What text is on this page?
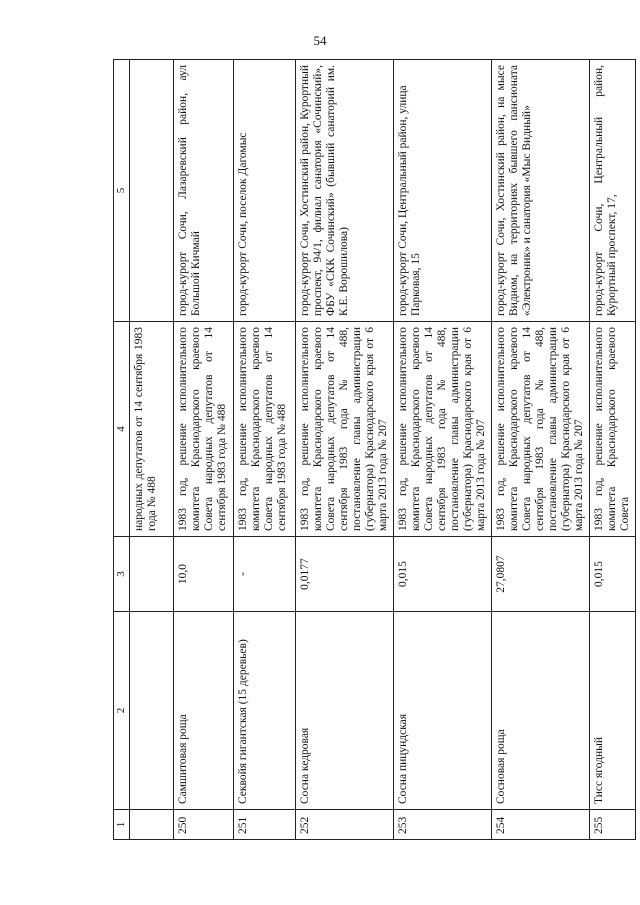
54
1	2	3	4	5
			народных депутатов от 14 сентября 1983 года № 488	
250	Самшитовая роща	10,0	1983 год, решение исполнительного комитета Краснодарского краевого Совета народных депутатов от 14 сентября 1983 года № 488	город-курорт Сочи, Лазаревский район, аул Большой Кичмай
251	Секвойя гигантская (15 деревьев)	-	1983 год, решение исполнительного комитета Краснодарского краевого Совета народных депутатов от 14 сентября 1983 года № 488	город-курорт Сочи, поселок Дагомыс
252	Сосна кедровая	0,0177	1983 год, решение исполнительного комитета Краснодарского краевого Совета народных депутатов от 14 сентября 1983 года № 488, постановление главы администрации (губернатора) Краснодарского края от 6 марта 2013 года № 207	город-курорт Сочи, Хостинский район, Курортный проспект, 94/1, филиал санатория «Сочинский», ФБУ «СКК Сочинский» (бывший санаторий им. К.Е. Ворошилова)
253	Сосна пицундская	0,015	1983 год, решение исполнительного комитета Краснодарского краевого Совета народных депутатов от 14 сентября 1983 года № 488, постановление главы администрации (губернатора) Краснодарского края от 6 марта 2013 года № 207	город-курорт Сочи, Центральный район, улица Парковая, 15
254	Сосновая роща	27,0807	1983 год, решение исполнительного комитета Краснодарского краевого Совета народных депутатов от 14 сентября 1983 года № 488, постановление главы администрации (губернатора) Краснодарского края от 6 марта 2013 года № 207	город-курорт Сочи, Хостинский район, на мысе Видном, на территориях бывшего пансионата «Электроник» и санатория «Мыс Видный»
255	Тисс ягодный	0,015	1983 год, решение исполнительного комитета Краснодарского краевого Совета	город-курорт Сочи, Центральный район, Курортный проспект, 17,
